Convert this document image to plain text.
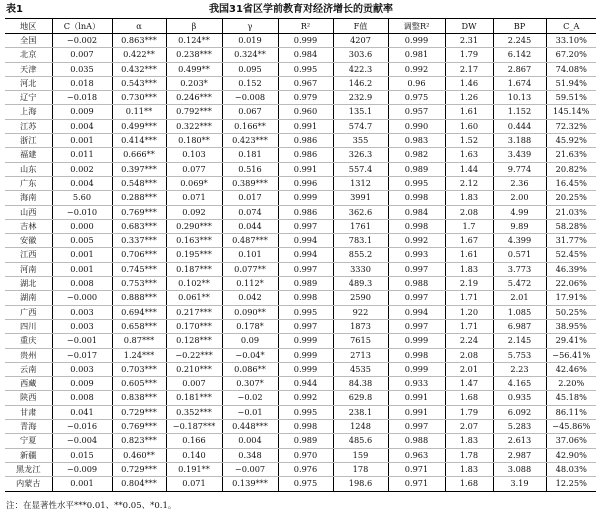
表1	我国31省区学前教育对经济增长的贡献率
地区	C（lnA）	α	β	γ	R²	F值	调整R²	DW	BP	C_A
全国	−0.002	0.863***	0.124**	0.019	0.999	4207	0.999	2.31	2.245	33.10%
北京	0.007	0.422**	0.238***	0.324**	0.984	303.6	0.981	1.79	6.142	67.20%
天津	0.035	0.432***	0.499**	0.095	0.995	422.3	0.992	2.17	2.867	74.08%
河北	0.018	0.543***	0.203*	0.152	0.967	146.2	0.96	1.46	1.674	51.94%
辽宁	−0.018	0.730***	0.246***	−0.008	0.979	232.9	0.975	1.26	10.13	59.51%
上海	0.009	0.11**	0.792***	0.067	0.960	135.1	0.957	1.61	1.152	145.14%
江苏	0.004	0.499***	0.322***	0.166**	0.991	574.7	0.990	1.60	0.444	72.32%
浙江	0.001	0.414***	0.180**	0.423***	0.986	355	0.983	1.52	3.188	45.92%
福建	0.011	0.666**	0.103	0.181	0.986	326.3	0.982	1.63	3.439	21.63%
山东	0.002	0.397***	0.077	0.516	0.991	557.4	0.989	1.44	9.774	20.82%
广东	0.004	0.548***	0.069*	0.389***	0.996	1312	0.995	2.12	2.36	16.45%
海南	5.60	0.288***	0.071	0.017	0.999	3991	0.998	1.83	2.00	20.25%
山西	−0.010	0.769***	0.092	0.074	0.986	362.6	0.984	2.08	4.99	21.03%
吉林	0.000	0.683***	0.290***	0.044	0.997	1761	0.998	1.7	9.89	58.28%
安徽	0.005	0.337***	0.163***	0.487***	0.994	783.1	0.992	1.67	4.399	31.77%
江西	0.001	0.706***	0.195***	0.101	0.994	855.2	0.993	1.61	0.571	52.45%
河南	0.001	0.745***	0.187***	0.077**	0.997	3330	0.997	1.83	3.773	46.39%
湖北	0.008	0.753***	0.102**	0.112*	0.989	489.3	0.988	2.19	5.472	22.06%
湖南	−0.000	0.888***	0.061**	0.042	0.998	2590	0.997	1.71	2.01	17.91%
广西	0.003	0.694***	0.217***	0.090**	0.995	922	0.994	1.20	1.085	50.25%
四川	0.003	0.658***	0.170***	0.178*	0.997	1873	0.997	1.71	6.987	38.95%
重庆	−0.001	0.87***	0.128***	0.09	0.999	7615	0.999	2.24	2.145	29.41%
贵州	−0.017	1.24***	−0.22***	−0.04*	0.999	2713	0.998	2.08	5.753	−56.41%
云南	0.003	0.703***	0.210***	0.086**	0.999	4535	0.999	2.01	2.23	42.46%
西藏	0.009	0.605***	0.007	0.307*	0.944	84.38	0.933	1.47	4.165	2.20%
陕西	0.008	0.838***	0.181***	−0.02	0.992	629.8	0.991	1.68	0.935	45.18%
甘肃	0.041	0.729***	0.352***	−0.01	0.995	238.1	0.991	1.79	6.092	86.11%
青海	−0.016	0.769***	−0.187***	0.448***	0.998	1248	0.997	2.07	5.283	−45.86%
宁夏	−0.004	0.823***	0.166	0.004	0.989	485.6	0.988	1.83	2.613	37.06%
新疆	0.015	0.460**	0.140	0.348	0.970	159	0.963	1.78	2.987	42.90%
黑龙江	−0.009	0.729***	0.191**	−0.007	0.976	178	0.971	1.83	3.088	48.03%
内蒙古	0.001	0.804***	0.071	0.139***	0.975	198.6	0.971	1.68	3.19	12.25%
注：在显著性水平***0.01、**0.05、*0.1。
